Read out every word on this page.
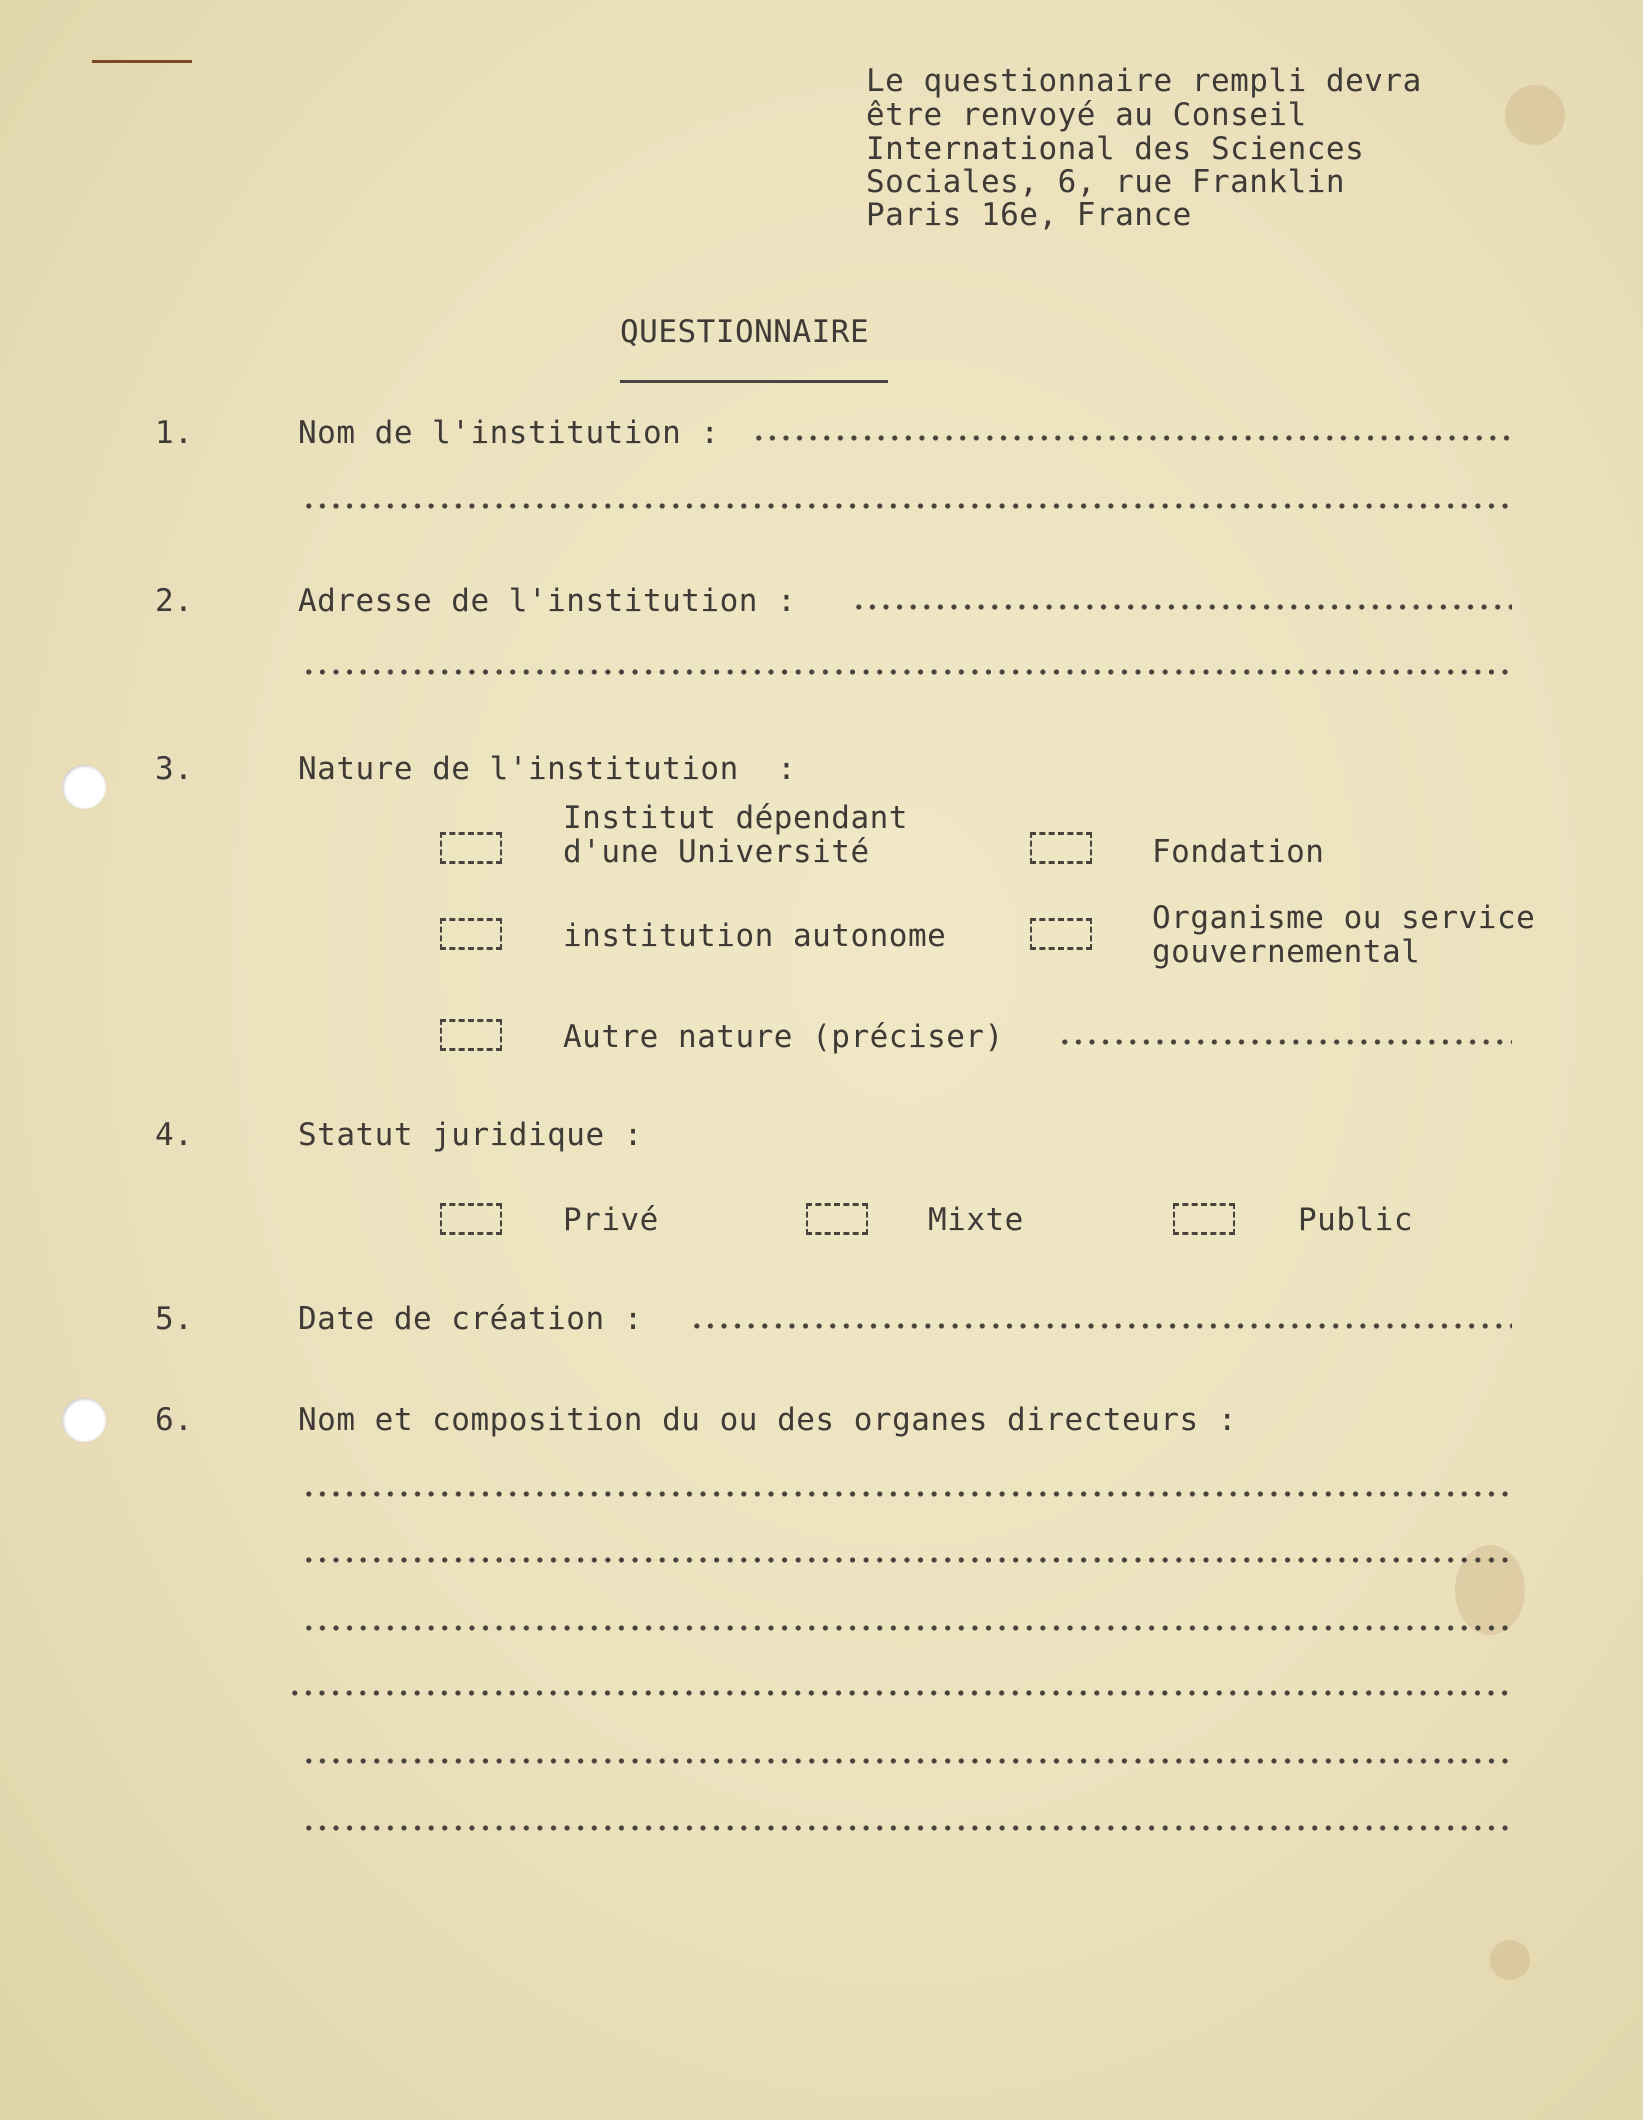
Le questionnaire rempli devra
être renvoyé au Conseil
International des Sciences
Sociales, 6, rue Franklin
Paris 16e, France
QUESTIONNAIRE
1.	Nom de l'institution :
2.	Adresse de l'institution :
3.	Nature de l'institution  :
Institut dépendant
d'une Université	Fondation
institution autonome	Organisme ou service
gouvernemental
Autre nature (préciser)
4.	Statut juridique :
Privé	Mixte	Public
5.	Date de création :
6.	Nom et composition du ou des organes directeurs :
